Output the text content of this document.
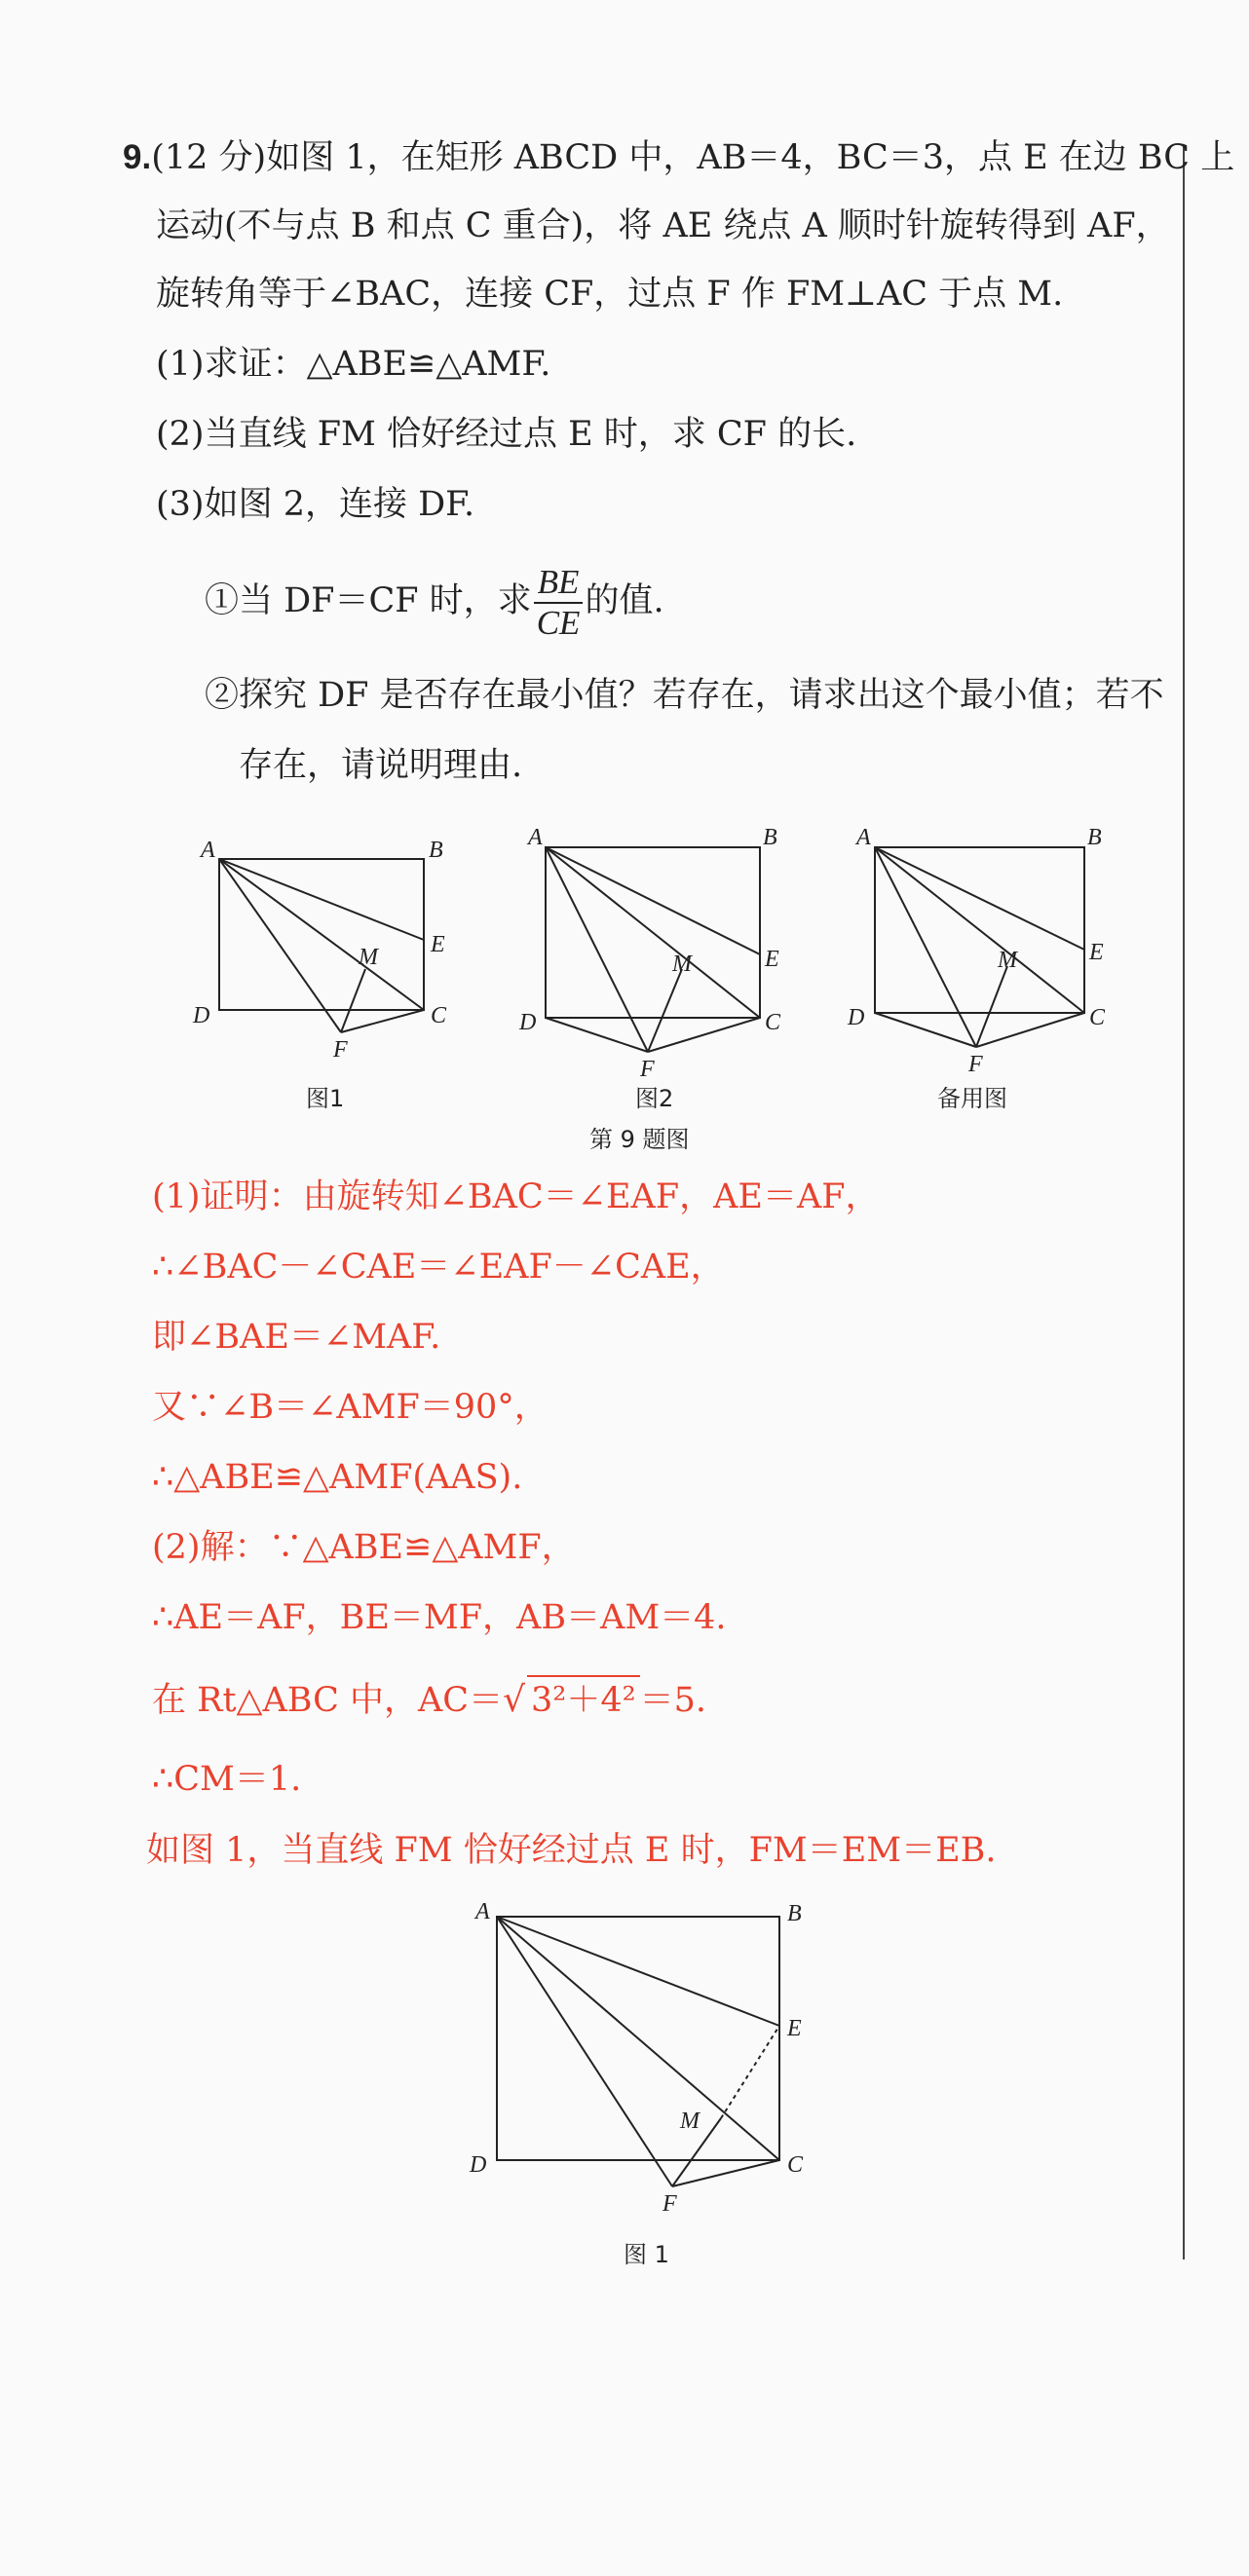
9.(12 分)如图 1，在矩形 ABCD 中，AB＝4，BC＝3，点 E 在边 BC 上
运动(不与点 B 和点 C 重合)，将 AE 绕点 A 顺时针旋转得到 AF，
旋转角等于∠BAC，连接 CF，过点 F 作 FM⊥AC 于点 M.
(1)求证：△ABE≌△AMF.
(2)当直线 FM 恰好经过点 E 时，求 CF 的长.
(3)如图 2，连接 DF.
①当 DF＝CF 时，求 $\frac{BE}{CE}$ 的值.
②探究 DF 是否存在最小值？若存在，请求出这个最小值；若不
存在，请说明理由.
A	B
E
M
D	C
F
图1
A	B
E
M
D	C
F
图2
A	B
E
M
D	C
F
备用图
第 9 题图
(1)证明：由旋转知∠BAC＝∠EAF，AE＝AF，
∴∠BAC－∠CAE＝∠EAF－∠CAE，
即∠BAE＝∠MAF.
又∵∠B＝∠AMF＝90°，
∴△ABE≌△AMF(AAS).
(2)解：∵△ABE≌△AMF，
∴AE＝AF，BE＝MF，AB＝AM＝4.
在 Rt△ABC 中，AC＝√ 3²＋4² ＝5.
∴CM＝1.
如图 1，当直线 FM 恰好经过点 E 时，FM＝EM＝EB.
A	B
E
M
D	C
F
图 1
